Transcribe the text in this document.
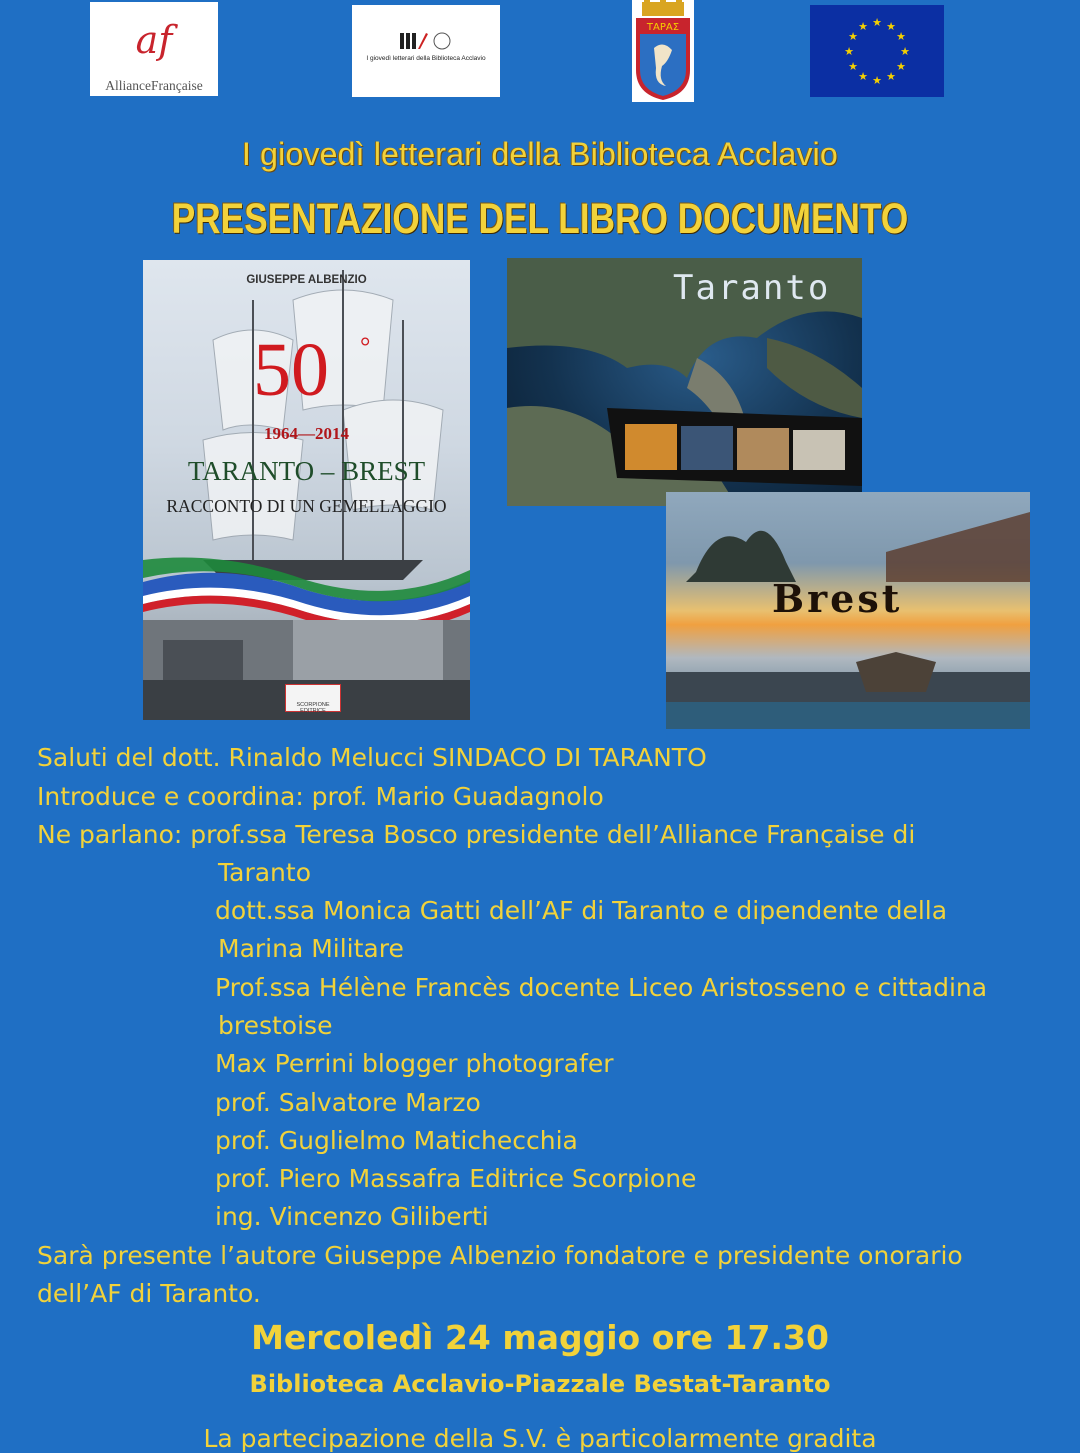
af
AllianceFrançaise
I giovedì letterari della Biblioteca Acclavio
ΤΑΡΑΣ	★ ★
★
★
★
★
★
★
★
★
★
★
I giovedì letterari della Biblioteca Acclavio
PRESENTAZIONE DEL LIBRO DOCUMENTO
GIUSEPPE ALBENZIO
50 °
1964—2014
TARANTO – BREST
RACCONTO DI UN GEMELLAGGIO
SCORPIONE EDITRICE
Taranto
Brest
Saluti del dott. Rinaldo Melucci SINDACO DI TARANTO
Introduce e coordina: prof. Mario Guadagnolo
Ne parlano: prof.ssa Teresa Bosco presidente dell’Alliance Française di
Taranto
dott.ssa Monica Gatti dell’AF di Taranto e dipendente della
Marina Militare
Prof.ssa Hélène Francès docente Liceo Aristosseno e cittadina
brestoise
Max Perrini blogger photografer
prof. Salvatore Marzo
prof. Guglielmo Matichecchia
prof. Piero Massafra Editrice Scorpione
ing. Vincenzo Giliberti
Sarà presente l’autore Giuseppe Albenzio fondatore e presidente onorario
dell’AF di Taranto.
Mercoledì 24 maggio ore 17.30
Biblioteca Acclavio-Piazzale Bestat-Taranto
La partecipazione della S.V. è particolarmente gradita
